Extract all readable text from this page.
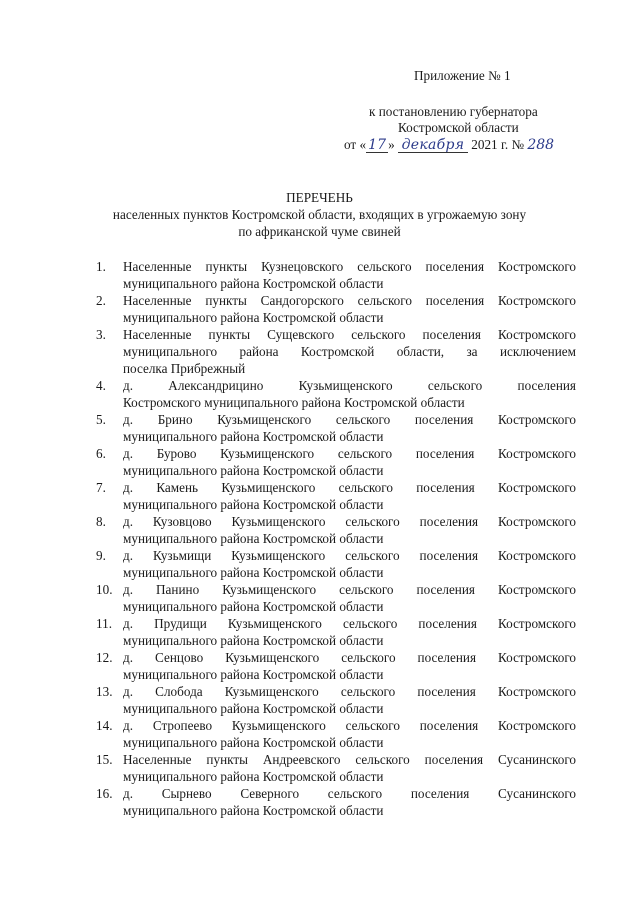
Приложение № 1
к постановлению губернатора
Костромской области
от « 17 » декабря 2021 г. № 288
ПЕРЕЧЕНЬ
населенных пунктов Костромской области, входящих в угрожаемую зону
по африканской чуме свиней
1.	Населенные пункты Кузнецовского сельского поселения Костромского
муниципального района Костромской области
2.	Населенные пункты Сандогорского сельского поселения Костромского
муниципального района Костромской области
3.	Населенные пункты Сущевского сельского поселения Костромского
муниципального района Костромской области, за исключением
поселка Прибрежный
4.	д. Александрицино Кузьмищенского сельского поселения
Костромского муниципального района Костромской области
5.	д. Брино Кузьмищенского сельского поселения Костромского
муниципального района Костромской области
6.	д. Бурово Кузьмищенского сельского поселения Костромского
муниципального района Костромской области
7.	д. Камень Кузьмищенского сельского поселения Костромского
муниципального района Костромской области
8.	д. Кузовцово Кузьмищенского сельского поселения Костромского
муниципального района Костромской области
9.	д. Кузьмищи Кузьмищенского сельского поселения Костромского
муниципального района Костромской области
10. д. Панино Кузьмищенского сельского поселения Костромского
муниципального района Костромской области
11. д. Прудищи Кузьмищенского сельского поселения Костромского
муниципального района Костромской области
12. д. Сенцово Кузьмищенского сельского поселения Костромского
муниципального района Костромской области
13. д. Слобода Кузьмищенского сельского поселения Костромского
муниципального района Костромской области
14. д. Стропеево Кузьмищенского сельского поселения Костромского
муниципального района Костромской области
15. Населенные пункты Андреевского сельского поселения Сусанинского
муниципального района Костромской области
16. д. Сырнево Северного сельского поселения Сусанинского
муниципального района Костромской области
